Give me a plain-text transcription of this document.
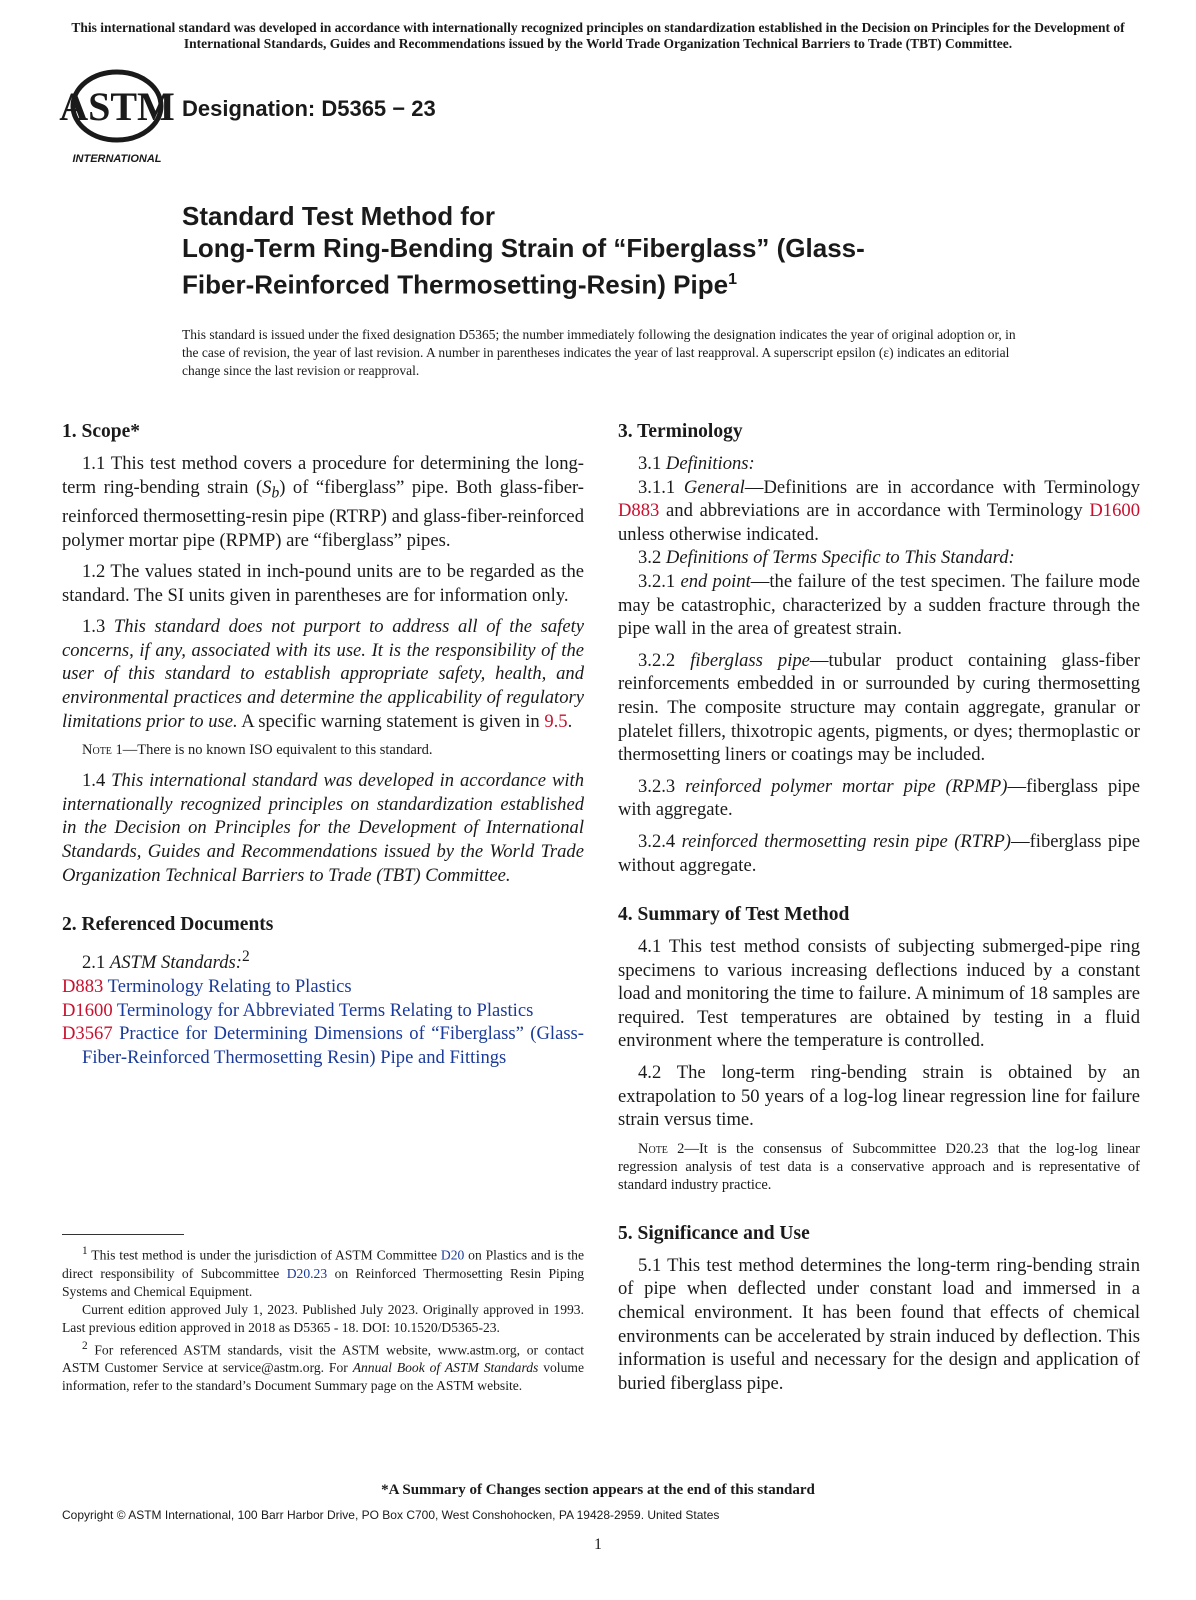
This international standard was developed in accordance with internationally recognized principles on standardization established in the Decision on Principles for the Development of International Standards, Guides and Recommendations issued by the World Trade Organization Technical Barriers to Trade (TBT) Committee.
ASTM
INTERNATIONAL
Designation: D5365 − 23
Standard Test Method for
Long-Term Ring-Bending Strain of “Fiberglass” (Glass-
Fiber-Reinforced Thermosetting-Resin) Pipe$^1$
This standard is issued under the fixed designation D5365; the number immediately following the designation indicates the year of original adoption or, in the case of revision, the year of last revision. A number in parentheses indicates the year of last reapproval. A superscript epsilon (ε) indicates an editorial change since the last revision or reapproval.
1. Scope*

1.1 This test method covers a procedure for determining the long-term ring-bending strain $(S_b)$ of “fiberglass” pipe. Both glass-fiber-reinforced thermosetting-resin pipe (RTRP) and glass-fiber-reinforced polymer mortar pipe (RPMP) are “fiberglass” pipes.

1.2 The values stated in inch-pound units are to be regarded as the standard. The SI units given in parentheses are for information only.

1.3 This standard does not purport to address all of the safety concerns, if any, associated with its use. It is the responsibility of the user of this standard to establish appropriate safety, health, and environmental practices and determine the applicability of regulatory limitations prior to use. A specific warning statement is given in 9.5.

Note 1—There is no known ISO equivalent to this standard.

1.4 This international standard was developed in accordance with internationally recognized principles on standardization established in the Decision on Principles for the Development of International Standards, Guides and Recommendations issued by the World Trade Organization Technical Barriers to Trade (TBT) Committee.

2. Referenced Documents

2.1 ASTM Standards:$^2$

D883 Terminology Relating to Plastics

D1600 Terminology for Abbreviated Terms Relating to Plastics

D3567 Practice for Determining Dimensions of “Fiberglass” (Glass-Fiber-Reinforced Thermosetting Resin) Pipe and Fittings

$^1$ This test method is under the jurisdiction of ASTM Committee D20 on Plastics and is the direct responsibility of Subcommittee D20.23 on Reinforced Thermosetting Resin Piping Systems and Chemical Equipment.

Current edition approved July 1, 2023. Published July 2023. Originally approved in 1993. Last previous edition approved in 2018 as D5365 - 18. DOI: 10.1520/D5365-23.

$^2$ For referenced ASTM standards, visit the ASTM website, www.astm.org, or contact ASTM Customer Service at service@astm.org. For Annual Book of ASTM Standards volume information, refer to the standard’s Document Summary page on the ASTM website.

3. Terminology

3.1 Definitions:

3.1.1 General—Definitions are in accordance with Terminology D883 and abbreviations are in accordance with Terminology D1600 unless otherwise indicated.

3.2 Definitions of Terms Specific to This Standard:

3.2.1 end point—the failure of the test specimen. The failure mode may be catastrophic, characterized by a sudden fracture through the pipe wall in the area of greatest strain.

3.2.2 fiberglass pipe—tubular product containing glass-fiber reinforcements embedded in or surrounded by curing thermosetting resin. The composite structure may contain aggregate, granular or platelet fillers, thixotropic agents, pigments, or dyes; thermoplastic or thermosetting liners or coatings may be included.

3.2.3 reinforced polymer mortar pipe (RPMP)—fiberglass pipe with aggregate.

3.2.4 reinforced thermosetting resin pipe (RTRP)—fiberglass pipe without aggregate.

4. Summary of Test Method

4.1 This test method consists of subjecting submerged-pipe ring specimens to various increasing deflections induced by a constant load and monitoring the time to failure. A minimum of 18 samples are required. Test temperatures are obtained by testing in a fluid environment where the temperature is controlled.

4.2 The long-term ring-bending strain is obtained by an extrapolation to 50 years of a log-log linear regression line for failure strain versus time.

Note 2—It is the consensus of Subcommittee D20.23 that the log-log linear regression analysis of test data is a conservative approach and is representative of standard industry practice.
5. Significance and Use

5.1 This test method determines the long-term ring-bending strain of pipe when deflected under constant load and immersed in a chemical environment. It has been found that effects of chemical environments can be accelerated by strain induced by deflection. This information is useful and necessary for the design and application of buried fiberglass pipe.

*A Summary of Changes section appears at the end of this standard
Copyright © ASTM International, 100 Barr Harbor Drive, PO Box C700, West Conshohocken, PA 19428-2959. United States
1
